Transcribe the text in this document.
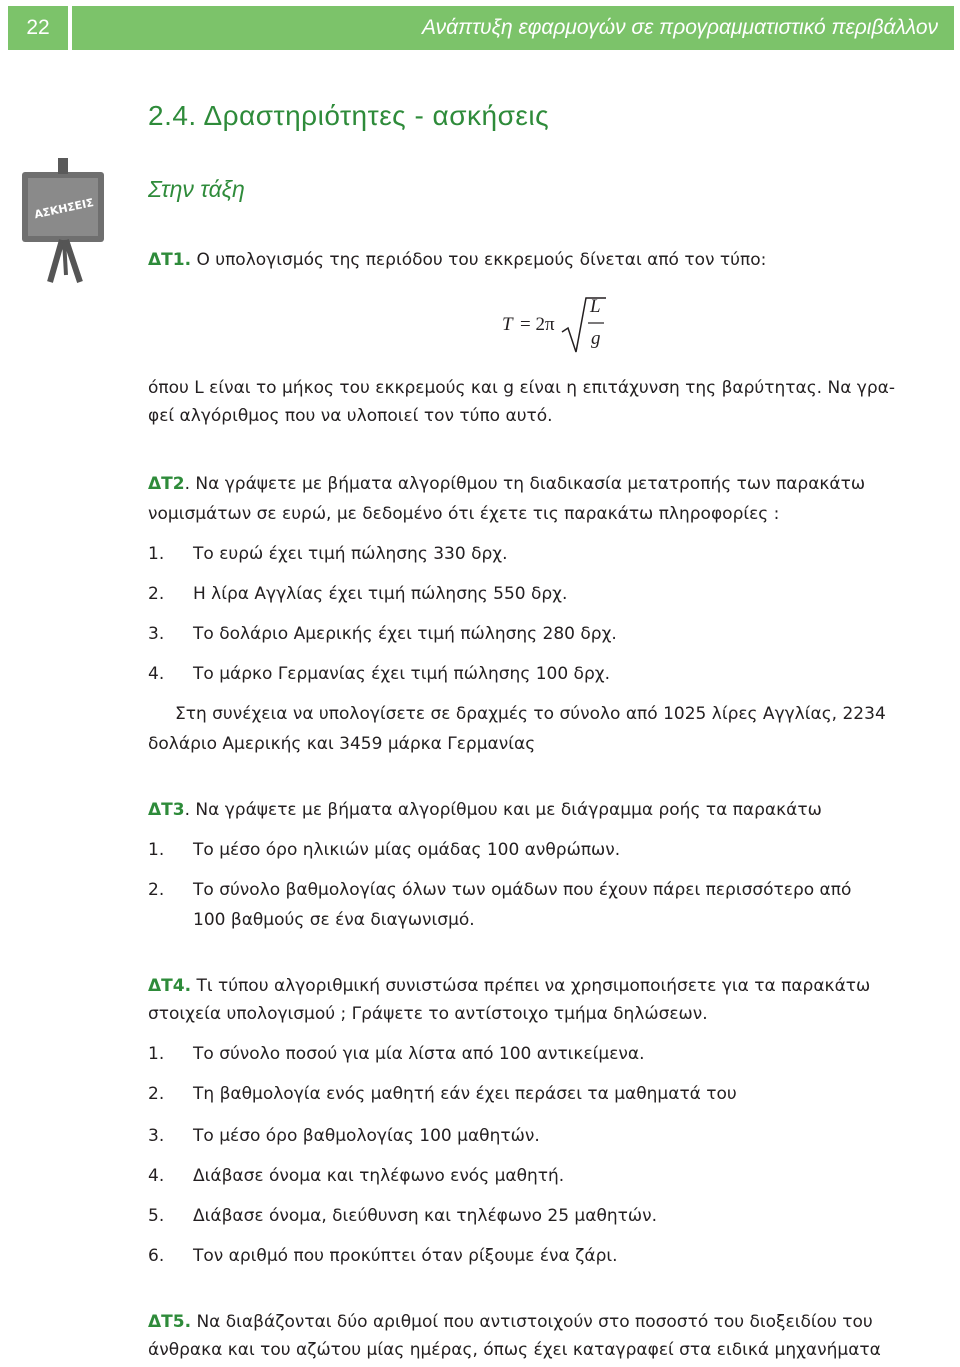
22	Ανάπτυξη εφαρμογών σε προγραμματιστικό περιβάλλον
2.4. Δραστηριότητες - ασκήσεις
ΑΣΚΗΣΕΙΣ
Στην τάξη
ΔΤ1. Ο υπολογισμός της περιόδου του εκκρεμούς δίνεται από τον τύπο:
T = 2π
L
g
όπου L είναι το μήκος του εκκρεμούς και g είναι η επιτάχυνση της βαρύτητας. Να γρα-
φεί αλγόριθμος που να υλοποιεί τον τύπο αυτό.
ΔΤ2. Να γράψετε με βήματα αλγορίθμου τη διαδικασία μετατροπής των παρακάτω
νομισμάτων σε ευρώ, με δεδομένο ότι έχετε τις παρακάτω πληροφορίες :
1. Το ευρώ έχει τιμή πώλησης 330 δρχ.
2. Η λίρα Αγγλίας έχει τιμή πώλησης 550 δρχ.
3. Το δολάριο Αμερικής έχει τιμή πώλησης 280 δρχ.
4. Το μάρκο Γερμανίας έχει τιμή πώλησης 100 δρχ.
Στη συνέχεια να υπολογίσετε σε δραχμές το σύνολο από 1025 λίρες Αγγλίας, 2234
δολάριο Αμερικής και 3459 μάρκα Γερμανίας
ΔΤ3. Να γράψετε με βήματα αλγορίθμου και με διάγραμμα ροής τα παρακάτω
1. Το μέσο όρο ηλικιών μίας ομάδας 100 ανθρώπων.
2. Το σύνολο βαθμολογίας όλων των ομάδων που έχουν πάρει περισσότερο από
100 βαθμούς σε ένα διαγωνισμό.
ΔΤ4. Τι τύπου αλγοριθμική συνιστώσα πρέπει να χρησιμοποιήσετε για τα παρακάτω
στοιχεία υπολογισμού ; Γράψετε το αντίστοιχο τμήμα δηλώσεων.
1. Το σύνολο ποσού για μία λίστα από 100 αντικείμενα.
2. Τη βαθμολογία ενός μαθητή εάν έχει περάσει τα μαθηματά του
3. Το μέσο όρο βαθμολογίας 100 μαθητών.
4. Διάβασε όνομα και τηλέφωνο ενός μαθητή.
5. Διάβασε όνομα, διεύθυνση και τηλέφωνο 25 μαθητών.
6. Τον αριθμό που προκύπτει όταν ρίξουμε ένα ζάρι.
ΔΤ5. Να διαβάζονται δύο αριθμοί που αντιστοιχούν στο ποσοστό του διοξειδίου του
άνθρακα και του αζώτου μίας ημέρας, όπως έχει καταγραφεί στα ειδικά μηχανήματα
